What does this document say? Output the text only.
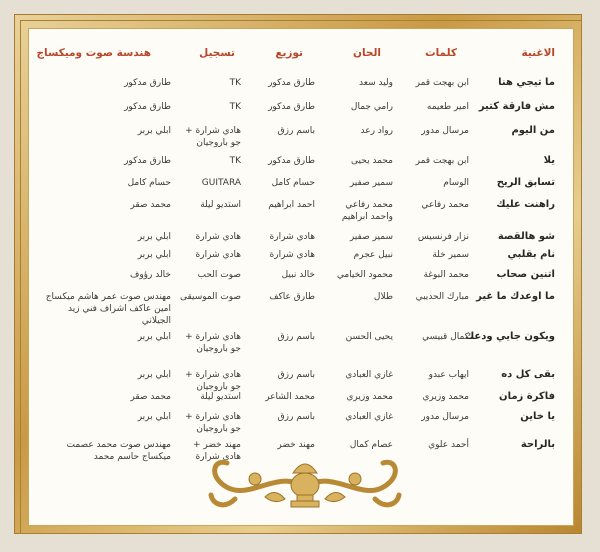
الاغنية
كلمات
الحان
توزيع
تسجيل
هندسة صوت وميكساج
ما تيجي هنا
ابن بهجت قمر
وليد سعد
طارق مدكور
TK
طارق مدكور
مش فارقة كتير
امير طعيمه
رامي جمال
طارق مدكور
TK
طارق مدكور
من اليوم
مرسال مدور
رواد رعد
باسم رزق
هادي شرارة + جو باروجيان
ابلي بربر
يلا
ابن بهجت قمر
محمد يحيى
طارق مدكور
TK
طارق مدكور
تسابق الريح
الوسام
سمير صفير
حسام كامل
GUITARA
حسام كامل
راهنت عليك
محمد رفاعي
محمد رفاعي واحمد ابراهيم
احمد ابراهيم
استديو ليلة
محمد صقر
شو هالقصة
نزار فرنسيس
سمير صفير
هادي شرارة
هادي شرارة
ابلي بربر
نام بقلبي
سمير خلة
نبيل عجرم
هادي شرارة
هادي شرارة
ابلي بربر
اتنين صحاب
محمد البوغة
محمود الخيامي
خالد نبيل
صوت الحب
خالد رؤوف
ما اوعدك ما غير
مبارك الحديبي
طلال
طارق عاكف
صوت الموسيقى
مهندس صوت عمر هاشم ميكساج امين عاكف اشراف فني زيد الجيلاني
ويكون جايي ودعك
كمال قبيسي
يحيى الحسن
باسم رزق
هادي شرارة + جو باروجيان
ابلي بربر
بقى كل ده
ايهاب عبدو
غازي العبادي
باسم رزق
هادي شرارة + جو باروجيان
ابلي بربر
فاكرة زمان
محمد وزيري
محمد وزيري
محمد الشاعر
استديو ليلة
محمد صقر
يا خاين
مرسال مدور
غازي العبادي
باسم رزق
هادي شرارة + جو باروجيان
ابلي بربر
بالراحة
أحمد علوي
عصام كمال
مهند خضر
مهند خضر + هادي شرارة
مهندس صوت محمد عصمت ميكساج حاسم محمد
